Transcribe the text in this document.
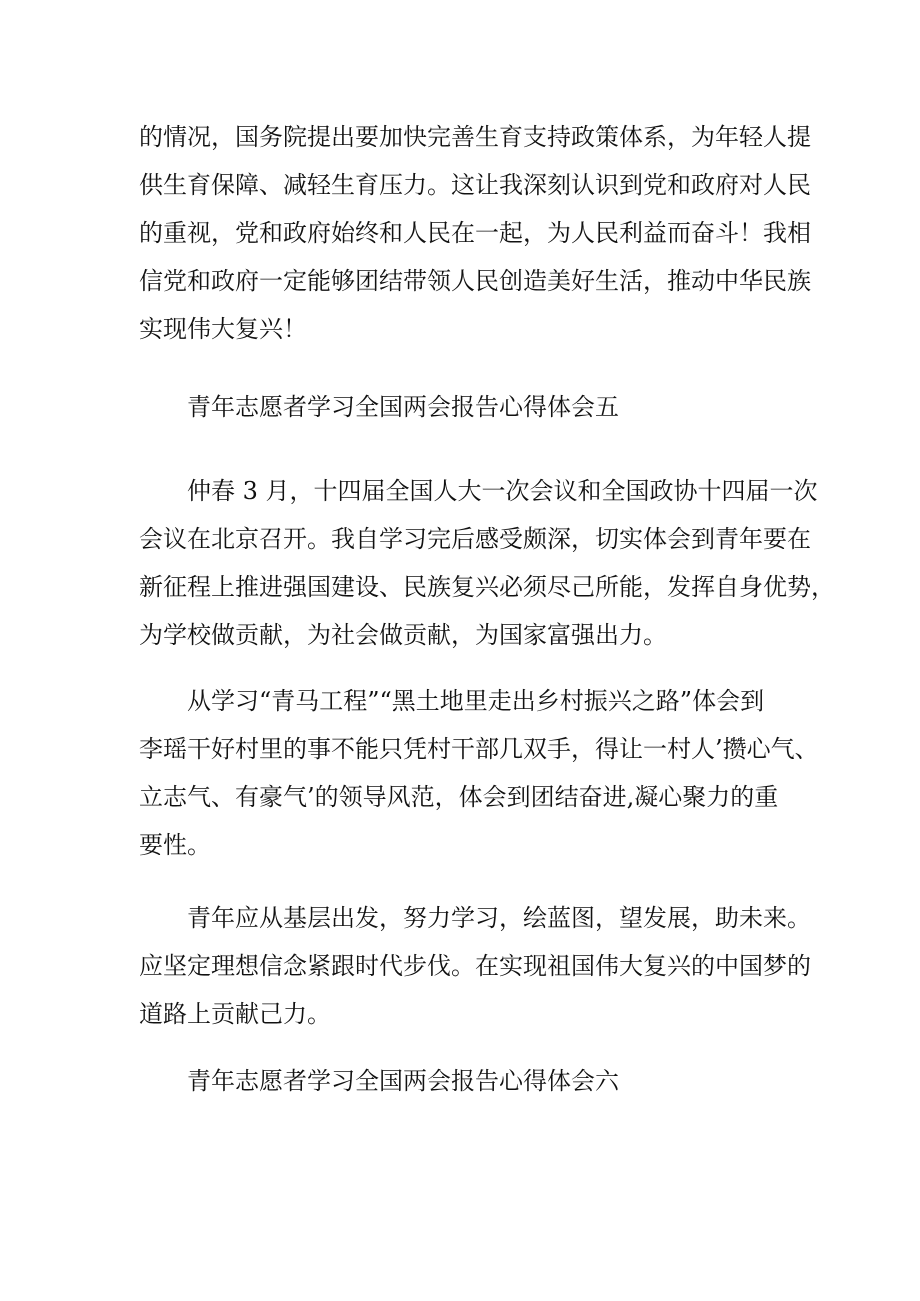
的情况，国务院提出要加快完善生育支持政策体系，为年轻人提
供生育保障、减轻生育压力。这让我深刻认识到党和政府对人民
的重视，党和政府始终和人民在一起，为人民利益而奋斗！我相
信党和政府一定能够团结带领人民创造美好生活，推动中华民族
实现伟大复兴！

青年志愿者学习全国两会报告心得体会五

仲春 3 月，十四届全国人大一次会议和全国政协十四届一次
会议在北京召开。我自学习完后感受颇深，切实体会到青年要在
新征程上推进强国建设、民族复兴必须尽己所能，发挥自身优势，
为学校做贡献，为社会做贡献，为国家富强出力。

从学习“青马工程”“黑土地里走出乡村振兴之路”体会到
李瑶干好村里的事不能只凭村干部几双手，得让一村人’攒心气、
立志气、有豪气’的领导风范，体会到团结奋进,凝心聚力的重
要性。

青年应从基层出发，努力学习，绘蓝图，望发展，助未来。
应坚定理想信念紧跟时代步伐。在实现祖国伟大复兴的中国梦的
道路上贡献己力。

青年志愿者学习全国两会报告心得体会六
